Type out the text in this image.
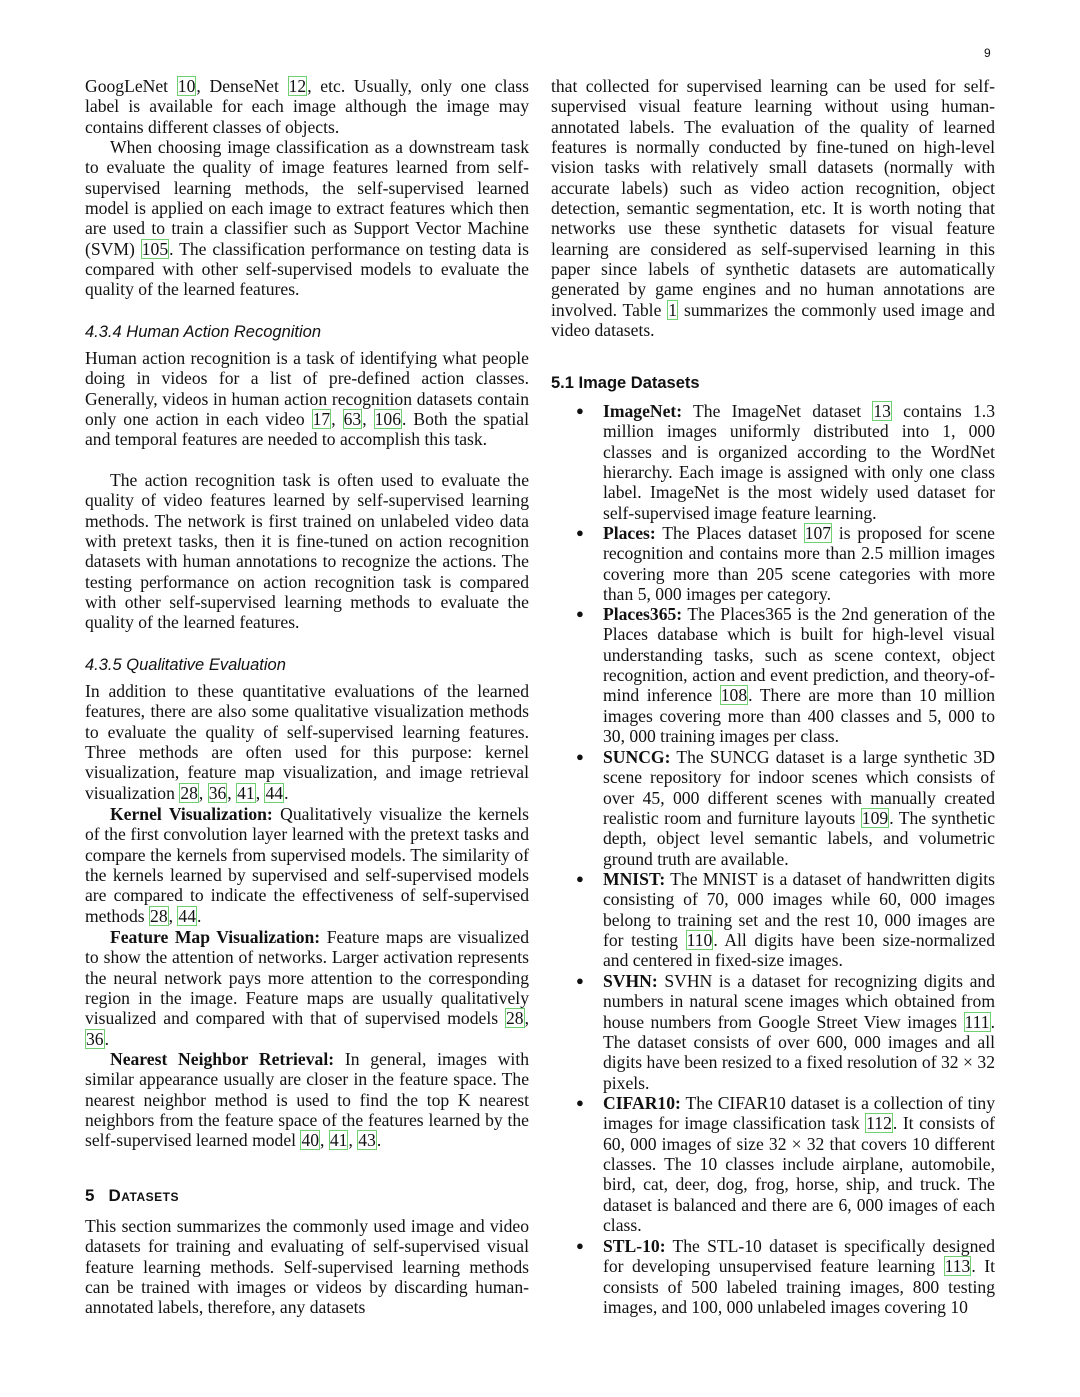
9

GoogLeNet 10, DenseNet 12, etc. Usually, only one class label is available for each image although the image may contains different classes of objects.

When choosing image classification as a downstream task to evaluate the quality of image features learned from self-supervised learning methods, the self-supervised learned model is applied on each image to extract features which then are used to train a classifier such as Support Vector Machine (SVM) 105. The classification performance on testing data is compared with other self-supervised models to evaluate the quality of the learned features.

4.3.4 Human Action Recognition

Human action recognition is a task of identifying what people doing in videos for a list of pre-defined action classes. Generally, videos in human action recognition datasets contain only one action in each video 17, 63, 106. Both the spatial and temporal features are needed to accomplish this task.

The action recognition task is often used to evaluate the quality of video features learned by self-supervised learning methods. The network is first trained on unlabeled video data with pretext tasks, then it is fine-tuned on action recognition datasets with human annotations to recognize the actions. The testing performance on action recognition task is compared with other self-supervised learning methods to evaluate the quality of the learned features.

4.3.5 Qualitative Evaluation

In addition to these quantitative evaluations of the learned features, there are also some qualitative visualization methods to evaluate the quality of self-supervised learning features. Three methods are often used for this purpose: kernel visualization, feature map visualization, and image retrieval visualization 28, 36, 41, 44.

Kernel Visualization: Qualitatively visualize the kernels of the first convolution layer learned with the pretext tasks and compare the kernels from supervised models. The similarity of the kernels learned by supervised and self-supervised models are compared to indicate the effectiveness of self-supervised methods 28, 44.

Feature Map Visualization: Feature maps are visualized to show the attention of networks. Larger activation represents the neural network pays more attention to the corresponding region in the image. Feature maps are usually qualitatively visualized and compared with that of supervised models 28, 36.

Nearest Neighbor Retrieval: In general, images with similar appearance usually are closer in the feature space. The nearest neighbor method is used to find the top K nearest neighbors from the feature space of the features learned by the self-supervised learned model 40, 41, 43.

5 Datasets

This section summarizes the commonly used image and video datasets for training and evaluating of self-supervised visual feature learning methods. Self-supervised learning methods can be trained with images or videos by discarding human-annotated labels, therefore, any datasets

that collected for supervised learning can be used for self-supervised visual feature learning without using human-annotated labels. The evaluation of the quality of learned features is normally conducted by fine-tuned on high-level vision tasks with relatively small datasets (normally with accurate labels) such as video action recognition, object detection, semantic segmentation, etc. It is worth noting that networks use these synthetic datasets for visual feature learning are considered as self-supervised learning in this paper since labels of synthetic datasets are automatically generated by game engines and no human annotations are involved. Table 1 summarizes the commonly used image and video datasets.

5.1 Image Datasets
● ImageNet: The ImageNet dataset 13 contains 1.3 million images uniformly distributed into 1, 000 classes and is organized according to the WordNet hierarchy. Each image is assigned with only one class label. ImageNet is the most widely used dataset for self-supervised image feature learning.
● Places: The Places dataset 107 is proposed for scene recognition and contains more than 2.5 million images covering more than 205 scene categories with more than 5, 000 images per category.
● Places365: The Places365 is the 2nd generation of the Places database which is built for high-level visual understanding tasks, such as scene context, object recognition, action and event prediction, and theory-of-mind inference 108. There are more than 10 million images covering more than 400 classes and 5, 000 to 30, 000 training images per class.
● SUNCG: The SUNCG dataset is a large synthetic 3D scene repository for indoor scenes which consists of over 45, 000 different scenes with manually created realistic room and furniture layouts 109. The synthetic depth, object level semantic labels, and volumetric ground truth are available.
● MNIST: The MNIST is a dataset of handwritten digits consisting of 70, 000 images while 60, 000 images belong to training set and the rest 10, 000 images are for testing 110. All digits have been size-normalized and centered in fixed-size images.
● SVHN: SVHN is a dataset for recognizing digits and numbers in natural scene images which obtained from house numbers from Google Street View images 111. The dataset consists of over 600, 000 images and all digits have been resized to a fixed resolution of 32 × 32 pixels.
● CIFAR10: The CIFAR10 dataset is a collection of tiny images for image classification task 112. It consists of 60, 000 images of size 32 × 32 that covers 10 different classes. The 10 classes include airplane, automobile, bird, cat, deer, dog, frog, horse, ship, and truck. The dataset is balanced and there are 6, 000 images of each class.
● STL-10: The STL-10 dataset is specifically designed for developing unsupervised feature learning 113. It consists of 500 labeled training images, 800 testing images, and 100, 000 unlabeled images covering 10
